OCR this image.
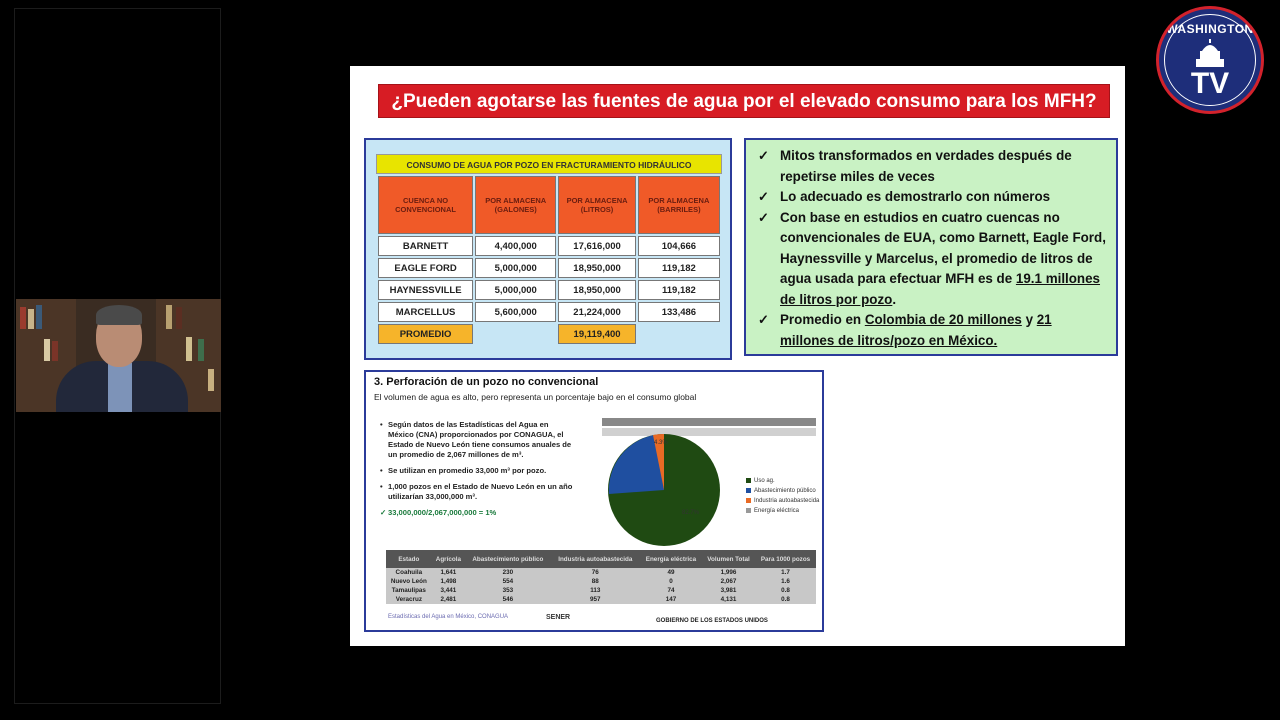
¿Pueden agotarse las fuentes de agua por el elevado consumo para los MFH?
CONSUMO DE AGUA POR POZO EN FRACTURAMIENTO HIDRÁULICO
CUENCA NO CONVENCIONAL	POR ALMACENA (GALONES)	POR ALMACENA (LITROS)	POR ALMACENA (BARRILES)
BARNETT	4,400,000	17,616,000	104,666
EAGLE FORD	5,000,000	18,950,000	119,182
HAYNESSVILLE	5,000,000	18,950,000	119,182
MARCELLUS	5,600,000	21,224,000	133,486
PROMEDIO		19,119,400	
✓ Mitos transformados en verdades después de repetirse miles de veces
✓ Lo adecuado es demostrarlo con números
✓ Con base en estudios en cuatro cuencas no convencionales de EUA, como Barnett, Eagle Ford, Haynessville y Marcelus, el promedio de litros de agua usada para efectuar MFH es de 19.1 millones de litros por pozo.
✓ Promedio en Colombia de 20 millones y 21 millones de litros/pozo en México.
3. Perforación de un pozo no convencional
El volumen de agua es alto, pero representa un porcentaje bajo en el consumo global

• Según datos de las Estadísticas del Agua en México (CNA) proporcionados por CONAGUA, el Estado de Nuevo León tiene consumos anuales de un promedio de 2,067 millones de m³.

• Se utilizan en promedio 33,000 m³ por pozo.

• 1,000 pozos en el Estado de Nuevo León en un año utilizarían 33,000,000 m³.

✓ 33,000,000/2,067,000,000 = 1%	82.7%
4.3%
Uso ag.
Abastecimiento público
Industria autoabastecida
Energía eléctrica
Estado	Agrícola	Abastecimiento público	Industria autoabastecida	Energía eléctrica	Volumen Total	Para 1000 pozos
Coahuila	1,641	230	76	49	1,996	1.7
Nuevo León	1,498	554	88	0	2,067	1.6
Tamaulipas	3,441	353	113	74	3,981	0.8
Veracruz	2,481	546	957	147	4,131	0.8
Estadísticas del Agua en México, CONAGUA	SENER	GOBIERNO DE LOS ESTADOS UNIDOS
WASHINGTON
TV
